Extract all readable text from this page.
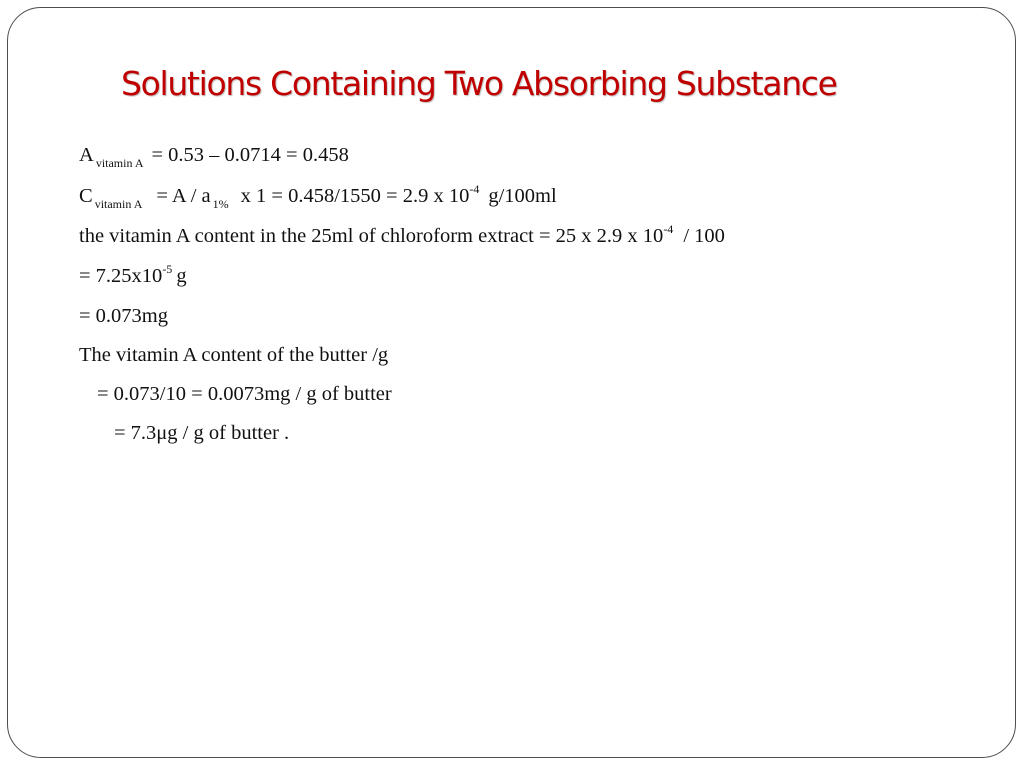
Solutions Containing Two Absorbing Substance
A $_{vitamin A}$ = 0.53 – 0.0714 = 0.458
C $_{vitamin A}$ = A / a $_{1\%}$ x 1 = 0.458/1550 = 2.9 x $10^{-4}$ g/100ml
the vitamin A content in the 25ml of chloroform extract = 25 x 2.9 x $10^{-4} / 100$
= $7.25x10^{-5}$ g
= 0.073mg
The vitamin A content of the butter /g
= 0.073/10 = 0.0073mg / g of butter
= 7.3μg / g of butter .
